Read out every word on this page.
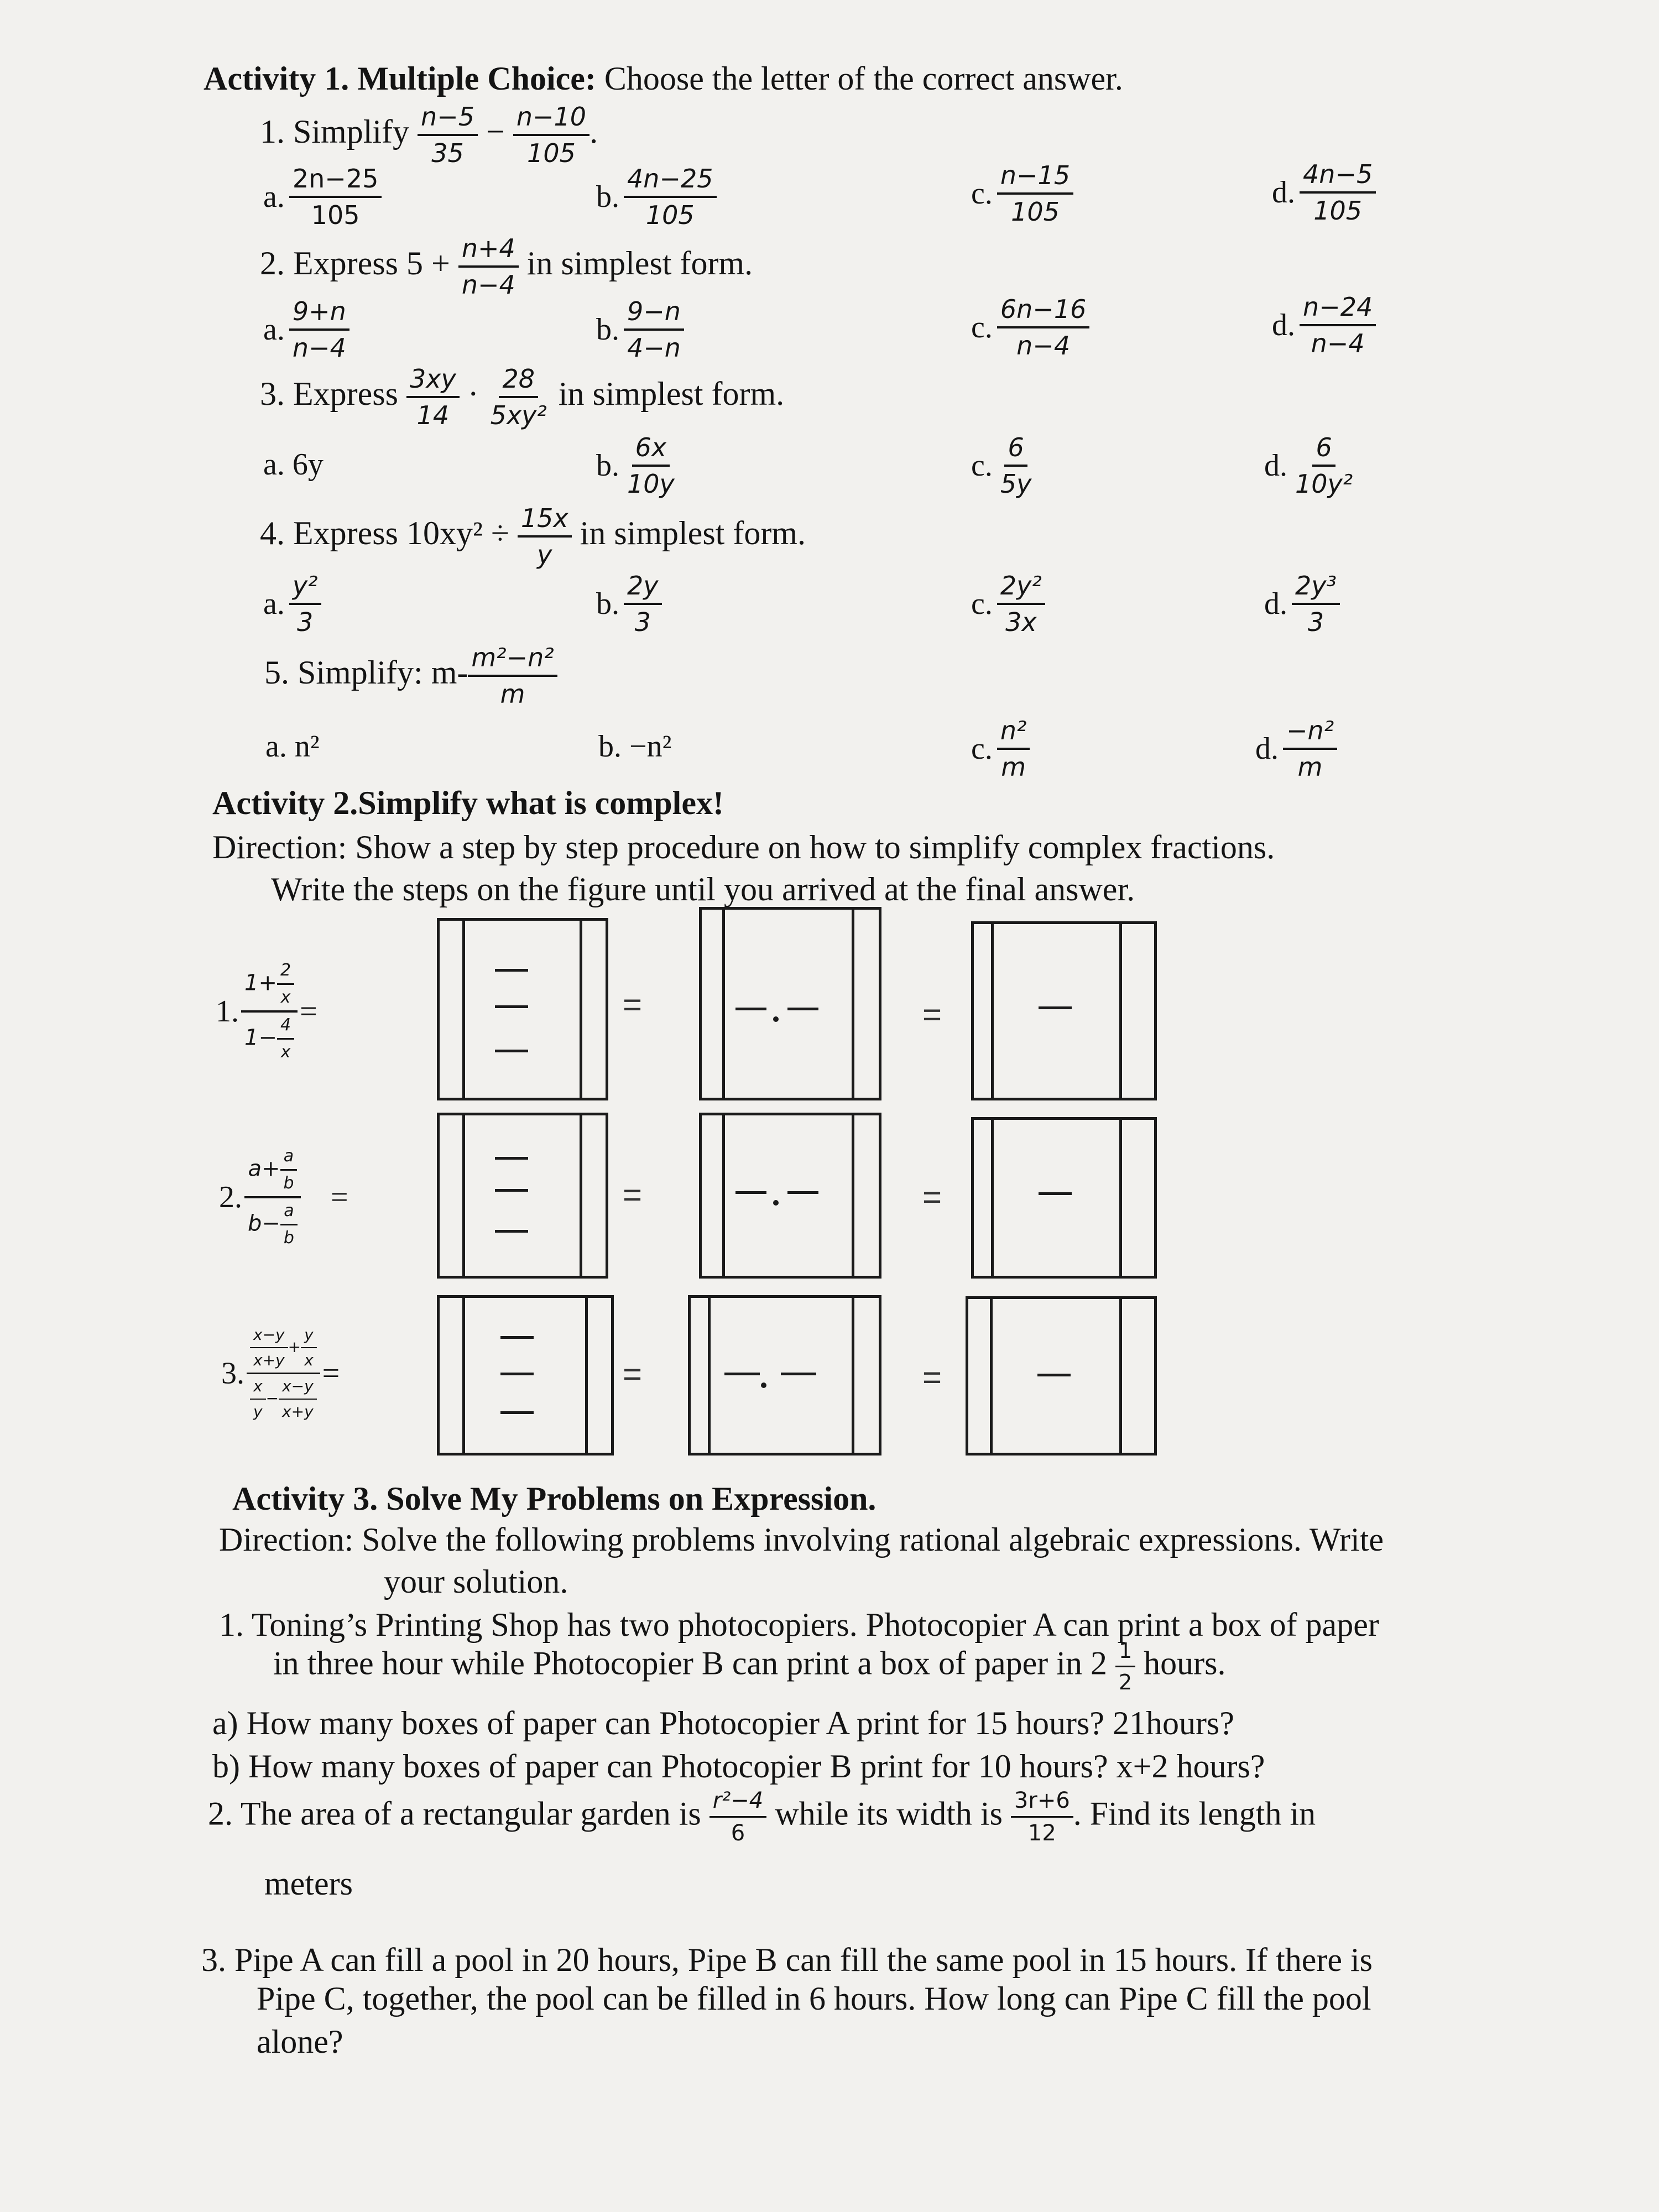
Activity 1. Multiple Choice: Choose the letter of the correct answer.
1. Simplify $\frac{n-5}{35} - \frac{n-10}{105}$ .
a. $\frac{2n-25}{105}$	b. $\frac{4n-25}{105}$	c. $\frac{n-15}{105}$	d. $\frac{4n-5}{105}$
2. Express $5 + \frac{n+4}{n-4}$ in simplest form.
a. $\frac{9+n}{n-4}$	b. $\frac{9-n}{4-n}$	c. $\frac{6n-16}{n-4}$	d. $\frac{n-24}{n-4}$
3. Express $\frac{3xy}{14} \cdot \frac{28}{\text{5xy²}}$ in simplest form.
a. 6y	b. $\frac{6x}{10y}$	c. $\frac{6}{5y}$	d. $\frac{6}{\text{10y²}}$
4. Express $10xy^2 \div \frac{15x}{y}$ in simplest form.
a. $\frac{\text{y²}}{3}$	b. $\frac{2y}{3}$	c. $\frac{\text{2y²}}{3x}$	d. $\frac{\text{2y³}}{3}$
5. Simplify: $m- \frac{\text{m²−n²}}{m}$
a. n²	b. −n²	c. $\frac{\text{n²}}{m}$	d. $\frac{\text{−n²}}{m}$
Activity 2.Simplify what is complex!
Direction: Show a step by step procedure on how to simplify complex fractions.
Write the steps on the figure until you arrived at the final answer.
1. $\frac{1+ \frac{2}{x}}{1- \frac{4}{x}}$ =
2. $\frac{a+ \frac{a}{b}}{b- \frac{a}{b}}$ =
3. $\frac{\frac{x-y}{x+y} + \frac{y}{x}}{\frac{x}{y} - \frac{x-y}{x+y}}$ =
=	=
=	=
=	=
Activity 3. Solve My Problems on Expression.
Direction: Solve the following problems involving rational algebraic expressions. Write
your solution.
1. Toning’s Printing Shop has two photocopiers. Photocopier A can print a box of paper
in three hour while Photocopier B can print a box of paper in $2 \frac{1}{2}$ hours.
a) How many boxes of paper can Photocopier A print for 15 hours? 21hours?
b) How many boxes of paper can Photocopier B print for 10 hours? x+2 hours?
2. The area of a rectangular garden is $\frac{\text{r²−4}}{6}$ while its width is $\frac{3r+6}{12}$ . Find its length in
meters
3. Pipe A can fill a pool in 20 hours, Pipe B can fill the same pool in 15 hours. If there is
Pipe C, together, the pool can be filled in 6 hours. How long can Pipe C fill the pool
alone?
